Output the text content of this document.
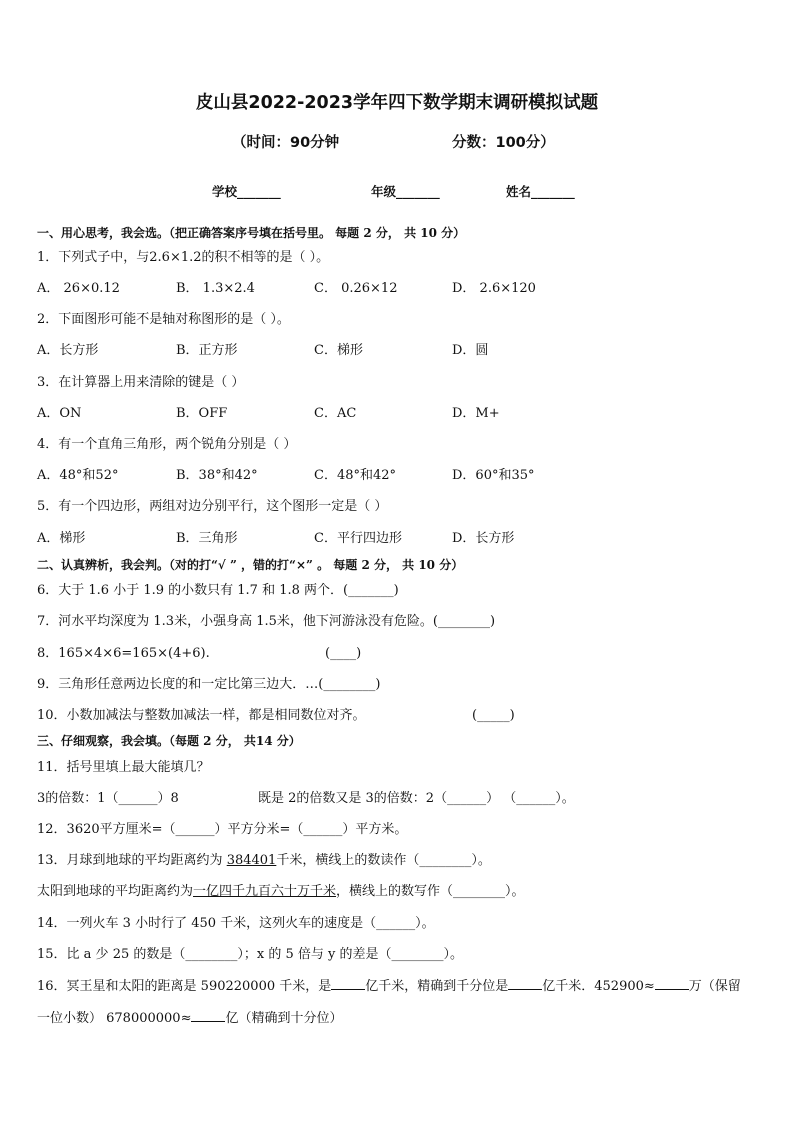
皮山县2022-2023学年四下数学期末调研模拟试题
（时间：90分钟	分数：100分）
学校_______	年级_______	姓名_______
一、用心思考，我会选。（把正确答案序号填在括号里。 每题 2 分， 共 10 分）
1．下列式子中，与2.6×1.2的积不相等的是（ ）。
A． 26×0.12	B． 1.3×2.4	C． 0.26×12	D． 2.6×120
2．下面图形可能不是轴对称图形的是（ ）。
A．长方形	B．正方形	C．梯形	D．圆
3．在计算器上用来清除的键是（ ）
A．ON	B．OFF	C．AC	D．M+
4．有一个直角三角形，两个锐角分别是（ ）
A．48°和52°	B．38°和42°	C．48°和42°	D．60°和35°
5．有一个四边形，两组对边分别平行，这个图形一定是（ ）
A．梯形	B．三角形	C．平行四边形	D．长方形
二、认真辨析，我会判。（对的打“√ ” ，错的打“×” 。 每题 2 分， 共 10 分）
6．大于 1.6 小于 1.9 的小数只有 1.7 和 1.8 两个．(_______)
7．河水平均深度为 1.3米，小强身高 1.5米，他下河游泳没有危险。(________)
8．165×4×6=165×(4+6).	(____)
9．三角形任意两边长度的和一定比第三边大．…(________)
10．小数加减法与整数加减法一样，都是相同数位对齐。	(_____)
三、仔细观察，我会填。（每题 2 分， 共14 分）
11．括号里填上最大能填几？
3的倍数：1（______）8	既是 2的倍数又是 3的倍数：2（______） （______）。
12．3620平方厘米=（______）平方分米=（______）平方米。
13．月球到地球的平均距离约为 384401千米，横线上的数读作（________）。
太阳到地球的平均距离约为一亿四千九百六十万千米，横线上的数写作（________）。
14．一列火车 3 小时行了 450 千米，这列火车的速度是（______）。
15．比 a 少 25 的数是（________）；x 的 5 倍与 y 的差是（________）。
16．冥王星和太阳的距离是 590220000 千米，是	亿千米，精确到千分位是	亿千米．452900≈	万（保留
一位小数） 678000000≈	亿（精确到十分位）
